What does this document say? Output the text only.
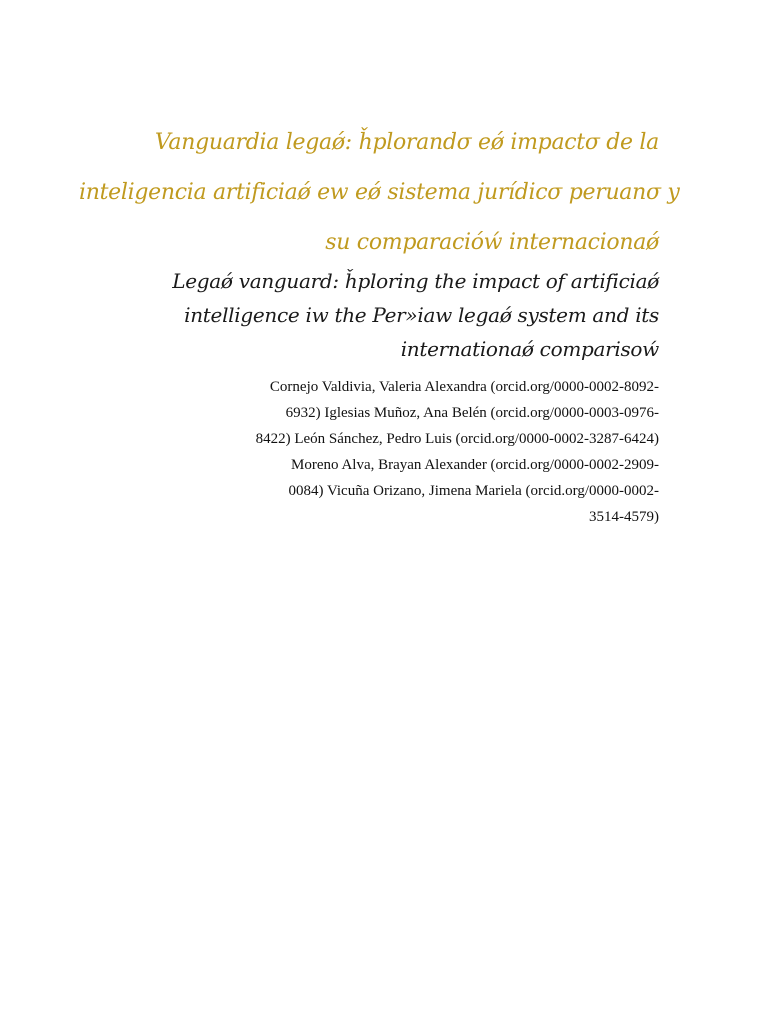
Vanguardia legaǿ: ȟplorandσ eǿ impactσ de la
inteligencia artificiaǿ ew eǿ sistema jurídicσ peruanσ y
su comparacióẃ internacionaǿ
Legaǿ vanguard: ȟploring the impact of artificiaǿ
intelligence iw the Per»iaw legaǿ system and its
internationaǿ comparisoẃ
Cornejo Valdivia, Valeria Alexandra (orcid.org/0000-0002-8092-
6932) Iglesias Muñoz, Ana Belén (orcid.org/0000-0003-0976-
8422) León Sánchez, Pedro Luis (orcid.org/0000-0002-3287-6424)
Moreno Alva, Brayan Alexander (orcid.org/0000-0002-2909-
0084) Vicuña Orizano, Jimena Mariela (orcid.org/0000-0002-
3514-4579)
